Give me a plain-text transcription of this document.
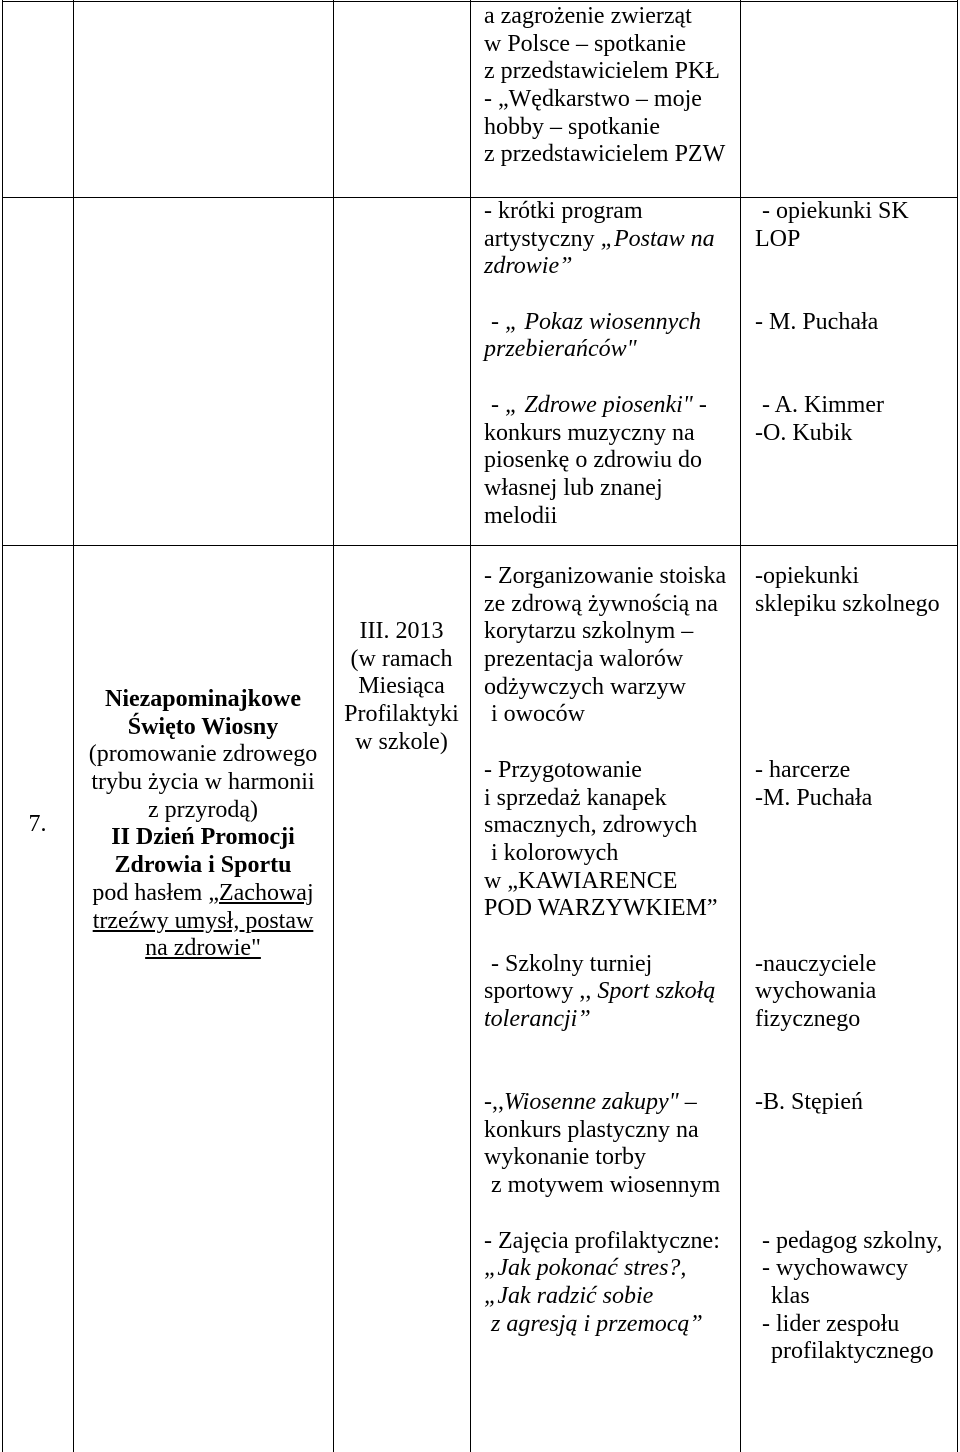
a zagrożenie zwierząt
w Polsce – spotkanie
z przedstawicielem PKŁ
- „Wędkarstwo – moje
hobby – spotkanie
z przedstawicielem PZW
- krótki program
artystyczny „Postaw na
zdrowie”
- „ Pokaz wiosennych
przebierańców"
- „ Zdrowe piosenki" -
konkurs muzyczny na
piosenkę o zdrowiu do
własnej lub znanej
melodii
- opiekunki SK
LOP
- M. Puchała
- A. Kimmer
-O. Kubik
7.
Niezapominajkowe
Święto Wiosny
(promowanie zdrowego
trybu życia w harmonii
z przyrodą)
II Dzień Promocji
Zdrowia i Sportu
pod hasłem „Zachowaj
trzeźwy umysł, postaw
na zdrowie"
III. 2013
(w ramach
Miesiąca
Profilaktyki
w szkole)
- Zorganizowanie stoiska
ze zdrową żywnością na
korytarzu szkolnym –
prezentacja walorów
odżywczych warzyw
i owoców
- Przygotowanie
i sprzedaż kanapek
smacznych, zdrowych
i kolorowych
w „KAWIARENCE
POD WARZYWKIEM”
- Szkolny turniej
sportowy ,, Sport szkołą
tolerancji”
-,,Wiosenne zakupy" –
konkurs plastyczny na
wykonanie torby
z motywem wiosennym
- Zajęcia profilaktyczne:
„Jak pokonać stres?,
„Jak radzić sobie
z agresją i przemocą”
-opiekunki
sklepiku szkolnego
- harcerze
-M. Puchała
-nauczyciele
wychowania
fizycznego
-B. Stępień
- pedagog szkolny,
- wychowawcy
klas
- lider zespołu
profilaktycznego
